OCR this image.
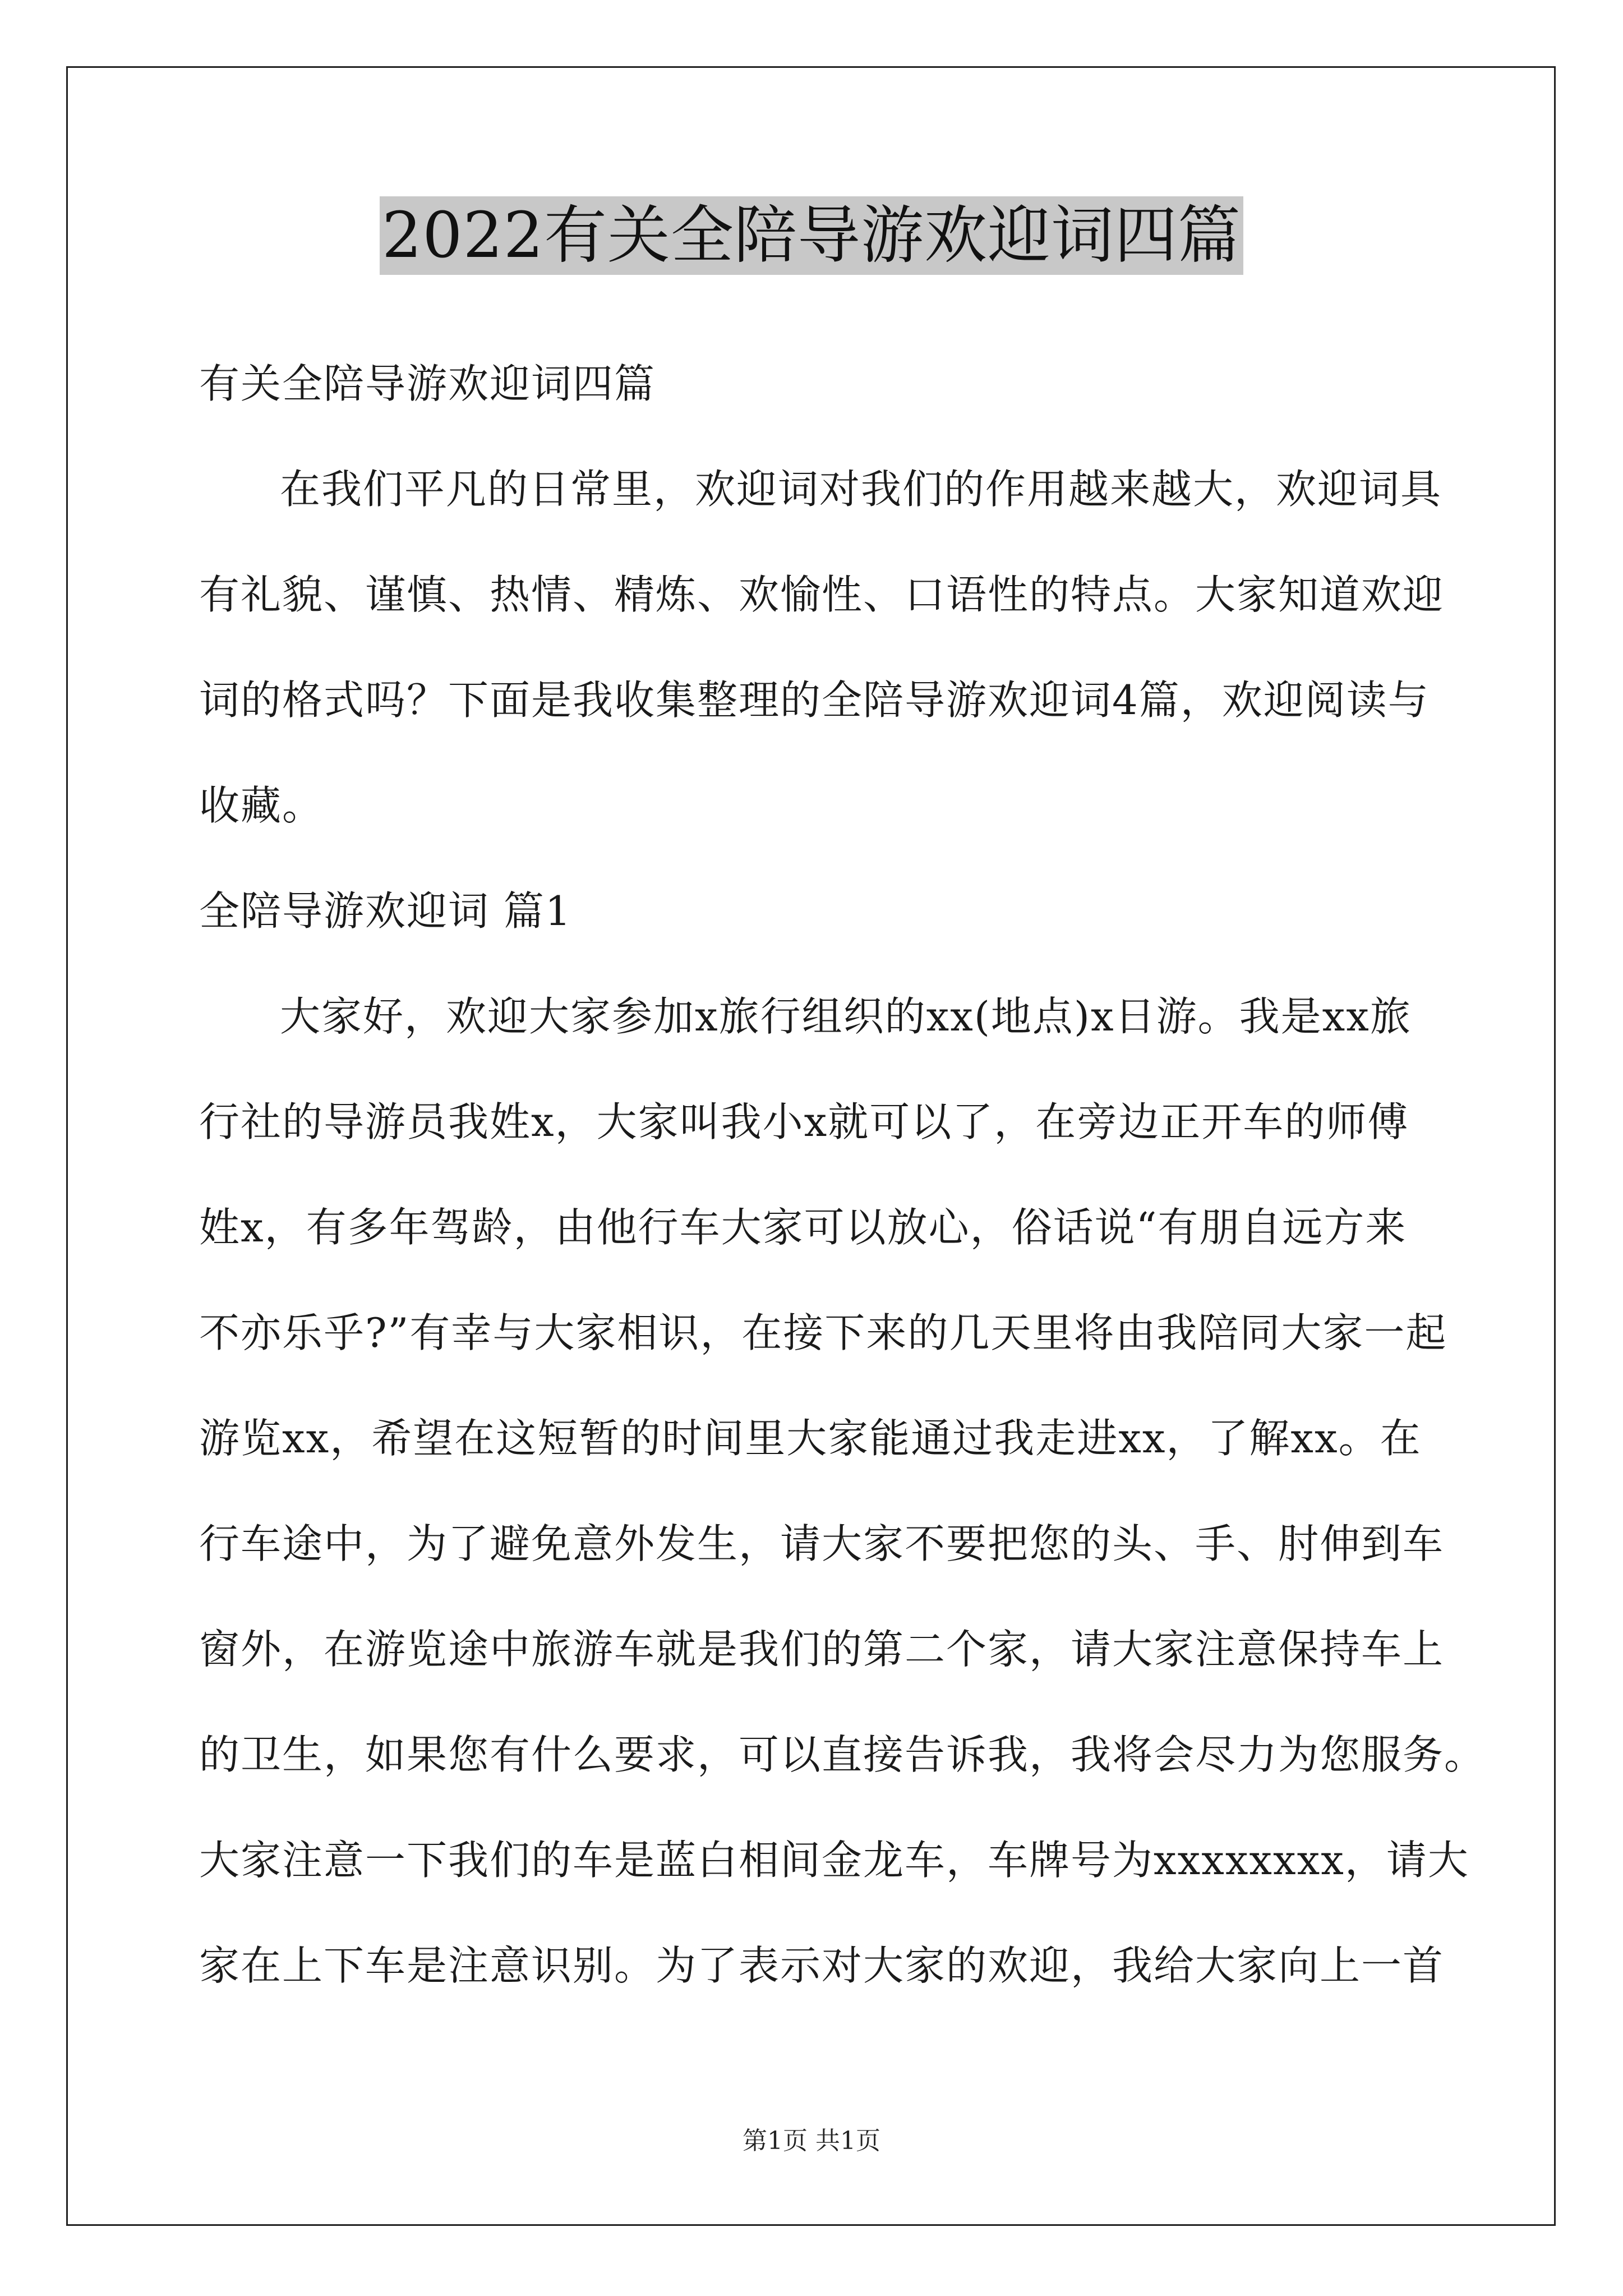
2022有关全陪导游欢迎词四篇
有关全陪导游欢迎词四篇
在我们平凡的日常里，欢迎词对我们的作用越来越大，欢迎词具
有礼貌、谨慎、热情、精炼、欢愉性、口语性的特点。大家知道欢迎
词的格式吗？下面是我收集整理的全陪导游欢迎词4篇，欢迎阅读与
收藏。
全陪导游欢迎词 篇1
大家好，欢迎大家参加x旅行组织的xx(地点)x日游。我是xx旅
行社的导游员我姓x，大家叫我小x就可以了，在旁边正开车的师傅
姓x，有多年驾龄，由他行车大家可以放心，俗话说“有朋自远方来
不亦乐乎?”有幸与大家相识，在接下来的几天里将由我陪同大家一起
游览xx，希望在这短暂的时间里大家能通过我走进xx，了解xx。在
行车途中，为了避免意外发生，请大家不要把您的头、手、肘伸到车
窗外，在游览途中旅游车就是我们的第二个家，请大家注意保持车上
的卫生，如果您有什么要求，可以直接告诉我，我将会尽力为您服务。
大家注意一下我们的车是蓝白相间金龙车，车牌号为xxxxxxxx，请大
家在上下车是注意识别。为了表示对大家的欢迎，我给大家向上一首
第1页 共1页
